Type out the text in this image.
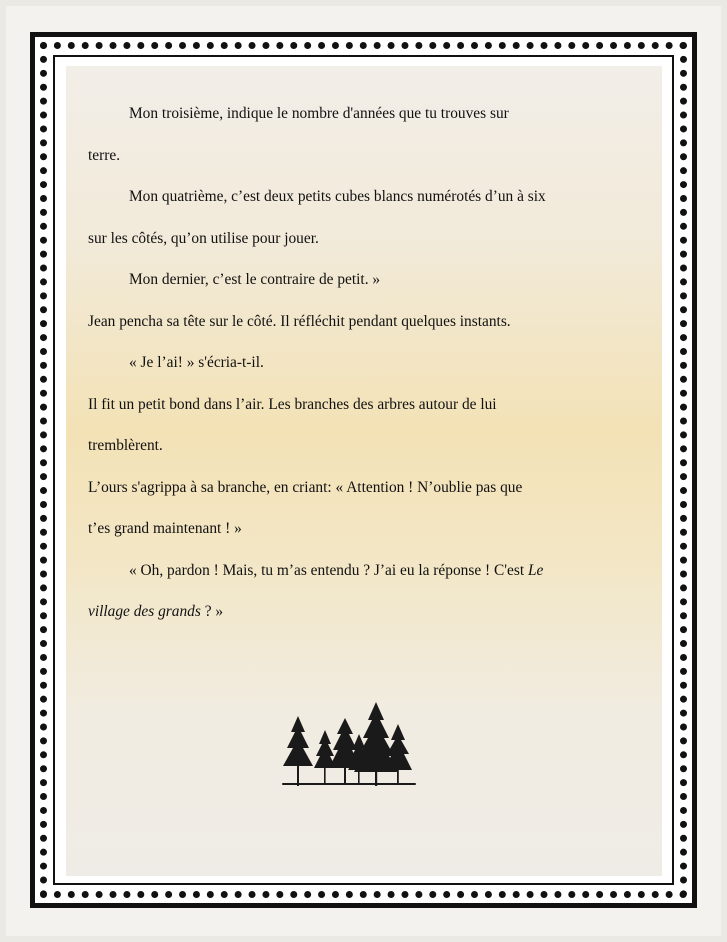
Mon troisième, indique le nombre d'années que tu trouves sur

terre.

Mon quatrième, c’est deux petits cubes blancs numérotés d’un à six

sur les côtés, qu’on utilise pour jouer.

Mon dernier, c’est le contraire de petit. »

Jean pencha sa tête sur le côté. Il réfléchit pendant quelques instants.

« Je l’ai! » s'écria-t-il.

Il fit un petit bond dans l’air. Les branches des arbres autour de lui

tremblèrent.

L’ours s'agrippa à sa branche, en criant: « Attention ! N’oublie pas que

t’es grand maintenant ! »

« Oh, pardon ! Mais, tu m’as entendu ? J’ai eu la réponse ! C'est Le

village des grands ? »
